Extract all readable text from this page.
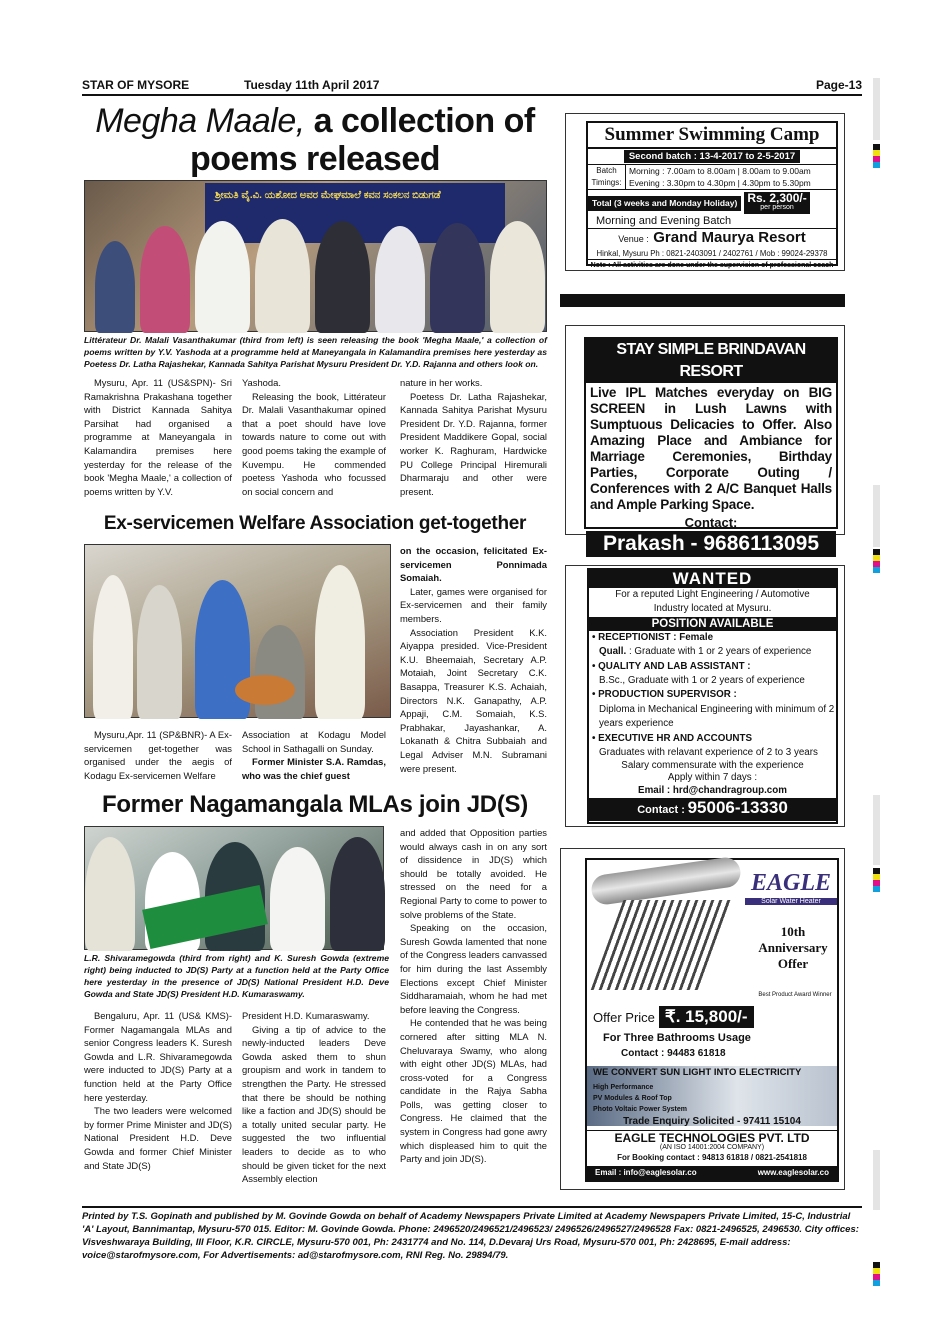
STAR OF MYSORE	Tuesday 11th April 2017	Page-13
Megha Maale, a collection of poems released
ಶ್ರೀಮತಿ ವೈ.ವಿ. ಯಶೋದ ಅವರ ಮೇಘಮಾಲೆ ಕವನ ಸಂಕಲನ ಬಿಡುಗಡೆ
Littérateur Dr. Malali Vasanthakumar (third from left) is seen releasing the book 'Megha Maale,' a collection of poems written by Y.V. Yashoda at a programme held at Maneyangala in Kalamandira premises here yesterday as Poetess Dr. Latha Rajashekar, Kannada Sahitya Parishat Mysuru President Dr. Y.D. Rajanna and others look on.

Mysuru, Apr. 11 (US&SPN)- Sri Ramakrishna Prakashana together with District Kannada Sahitya Parsihat had organised a programme at Maneyangala in Kalamandira premises here yesterday for the release of the book 'Megha Maale,' a collection of poems written by Y.V.

Yashoda.

Releasing the book, Littérateur Dr. Malali Vasanthakumar opined that a poet should have love towards nature to come out with good poems taking the example of Kuvempu. He commended poetess Yashoda who focussed on social concern and

nature in her works.

Poetess Dr. Latha Rajashekar, Kannada Sahitya Parishat Mysuru President Dr. Y.D. Rajanna, former President Maddikere Gopal, social worker K. Raghuram, Hardwicke PU College Principal Hiremurali Dharmaraju and other were present.

Ex-servicemen Welfare Association get-together

Mysuru,Apr. 11 (SP&BNR)- A Ex-servicemen get-together was organised under the aegis of Kodagu Ex-servicemen Welfare

Association at Kodagu Model School in Sathagalli on Sunday.

Former Minister S.A. Ramdas, who was the chief guest

on the occasion, felicitated Ex-servicemen Ponnimada Somaiah.

Later, games were organised for Ex-servicemen and their family members.

Association President K.K. Aiyappa presided. Vice-President K.U. Bheemaiah, Secretary A.P. Motaiah, Joint Secretary C.K. Basappa, Treasurer K.S. Achaiah, Directors N.K. Ganapathy, A.P. Appaji, C.M. Somaiah, K.S. Prabhakar, Jayashankar, A. Lokanath & Chitra Subbaiah and Legal Adviser M.N. Subramani were present.

Former Nagamangala MLAs join JD(S)

and added that Opposition parties would always cash in on any sort of dissidence in JD(S) which should be totally avoided. He stressed on the need for a Regional Party to come to power to solve problems of the State.

Speaking on the occasion, Suresh Gowda lamented that none of the Congress leaders canvassed for him during the last Assembly Elections except Chief Minister Siddharamaiah, whom he had met before leaving the Congress.

He contended that he was being cornered after sitting MLA N. Cheluvaraya Swamy, who along with eight other JD(S) MLAs, had cross-voted for a Congress candidate in the Rajya Sabha Polls, was getting closer to Congress. He claimed that the system in Congress had gone awry which displeased him to quit the Party and join JD(S).

L.R. Shivaramegowda (third from right) and K. Suresh Gowda (extreme right) being inducted to JD(S) Party at a function held at the Party Office here yesterday in the presence of JD(S) National President H.D. Deve Gowda and State JD(S) President H.D. Kumaraswamy.

Bengaluru, Apr. 11 (US& KMS)- Former Nagamangala MLAs and senior Congress leaders K. Suresh Gowda and L.R. Shivaramegowda were inducted to JD(S) Party at a function held at the Party Office here yesterday.

The two leaders were welcomed by former Prime Minister and JD(S) National President H.D. Deve Gowda and former Chief Minister and State JD(S)

President H.D. Kumaraswamy.

Giving a tip of advice to the newly-inducted leaders Deve Gowda asked them to shun groupism and work in tandem to strengthen the Party. He stressed that there be should be nothing like a faction and JD(S) should be a totally united secular party. He suggested the two influential leaders to decide as to who should be given ticket for the next Assembly election

Summer Swimming Camp
Second batch : 13-4-2017 to 2-5-2017
Batch Timings:
Morning : 7.00am to 8.00am | 8.00am to 9.00am
Evening : 3.30pm to 4.30pm | 4.30pm to 5.30pm
Total (3 weeks and Monday Holiday) Rs. 2,300/-
per person
Morning and Evening Batch
Venue : Grand Maurya Resort
Hinkal, Mysuru Ph : 0821-2403091 / 2402761 / Mob : 99024-29378
Note : All activities are done under the supervision of professional coach
STAY SIMPLE BRINDAVAN RESORT
Live IPL Matches everyday on BIG SCREEN in Lush Lawns with Sumptuous Delicacies to Offer. Also Amazing Place and Ambiance for Marriage Ceremonies, Birthday Parties, Corporate Outing / Conferences with 2 A/C Banquet Halls and Ample Parking Space.
Contact:
Prakash - 9686113095
WANTED
For a reputed Light Engineering / Automotive Industry located at Mysuru.
POSITION AVAILABLE
• RECEPTIONIST : Female
Quall. : Graduate with 1 or 2 years of experience
• QUALITY AND LAB ASSISTANT :
B.Sc., Graduate with 1 or 2 years of experience
• PRODUCTION SUPERVISOR :
Diploma in Mechanical Engineering with minimum of 2 years experience
• EXECUTIVE HR AND ACCOUNTS
Graduates with relavant experience of 2 to 3 years
Salary commensurate with the experience
Apply within 7 days :
Email : hrd@chandragroup.com
Contact : 95006-13330
EAGLE
Solar Water Heater
10th Anniversary Offer
Best Product Award Winner
Offer Price ₹. 15,800/-
For Three Bathrooms Usage
Contact : 94483 61818
WE CONVERT SUN LIGHT INTO ELECTRICITY
High Performance
PV Modules & Roof Top
Photo Voltaic Power System
Trade Enquiry Solicited - 97411 15104
EAGLE TECHNOLOGIES PVT. LTD
(AN ISO 14001:2004 COMPANY)
For Booking contact : 94813 61818 / 0821-2541818
Email : info@eaglesolar.co	www.eaglesolar.co
Printed by T.S. Gopinath and published by M. Govinde Gowda on behalf of Academy Newspapers Private Limited at Academy Newspapers Private Limited, 15-C, Industrial 'A' Layout, Bannimantap, Mysuru-570 015. Editor: M. Govinde Gowda. Phone: 2496520/2496521/2496523/ 2496526/2496527/2496528 Fax: 0821-2496525, 2496530. City offices: Visveshwaraya Building, III Floor, K.R. CIRCLE, Mysuru-570 001, Ph: 2431774 and No. 114, D.Devaraj Urs Road, Mysuru-570 001, Ph: 2428695, E-mail address: voice@starofmysore.com, For Advertisements: ad@starofmysore.com, RNI Reg. No. 29894/79.
